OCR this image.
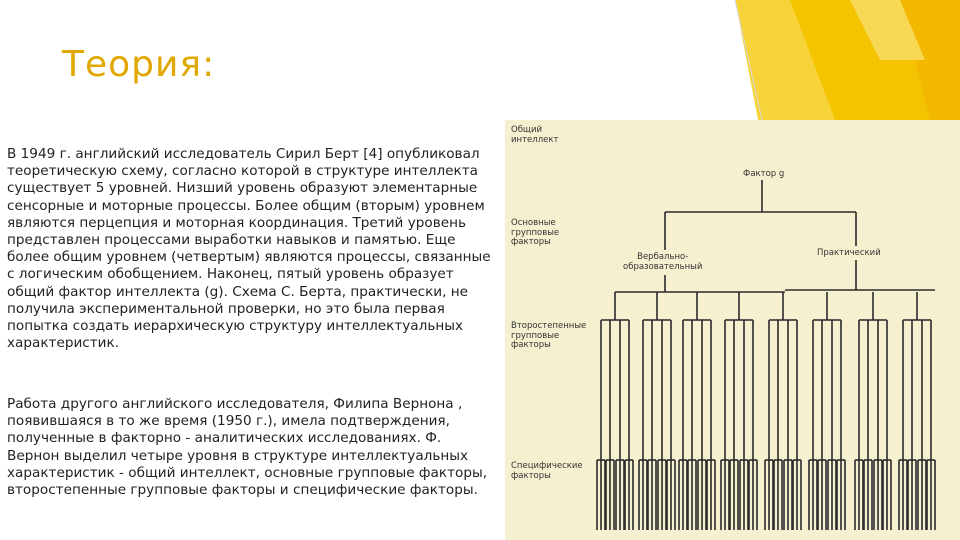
Теория:
В 1949 г. английский исследователь Сирил Берт [4] опубликовал теоретическую схему, согласно которой в структуре интеллекта существует 5 уровней. Низший уровень образуют элементарные сенсорные и моторные процессы. Более общим (вторым) уровнем являются перцепция и моторная координация. Третий уровень представлен процессами выработки навыков и памятью. Еще более общим уровнем (четвертым) являются процессы, связанные с логическим обобщением. Наконец, пятый уровень образует общий фактор интеллекта (g). Схема С. Берта, практически, не получила экспериментальной проверки, но это была первая попытка создать иерархическую структуру интеллектуальных характеристик.
Работа другого английского исследователя, Филипа Вернона , появившаяся в то же время (1950 г.), имела подтверждения, полученные в факторно - аналитических исследованиях. Ф. Вернон выделил четыре уровня в структуре интеллектуальных характеристик - общий интеллект, основные групповые факторы, второстепенные групповые факторы и специфические факторы.
Общий
интеллект
Основные
групповые
факторы
Второстепенные
групповые
факторы
Специфические
факторы
Фактор g
Вербально-
образовательный
Практический
